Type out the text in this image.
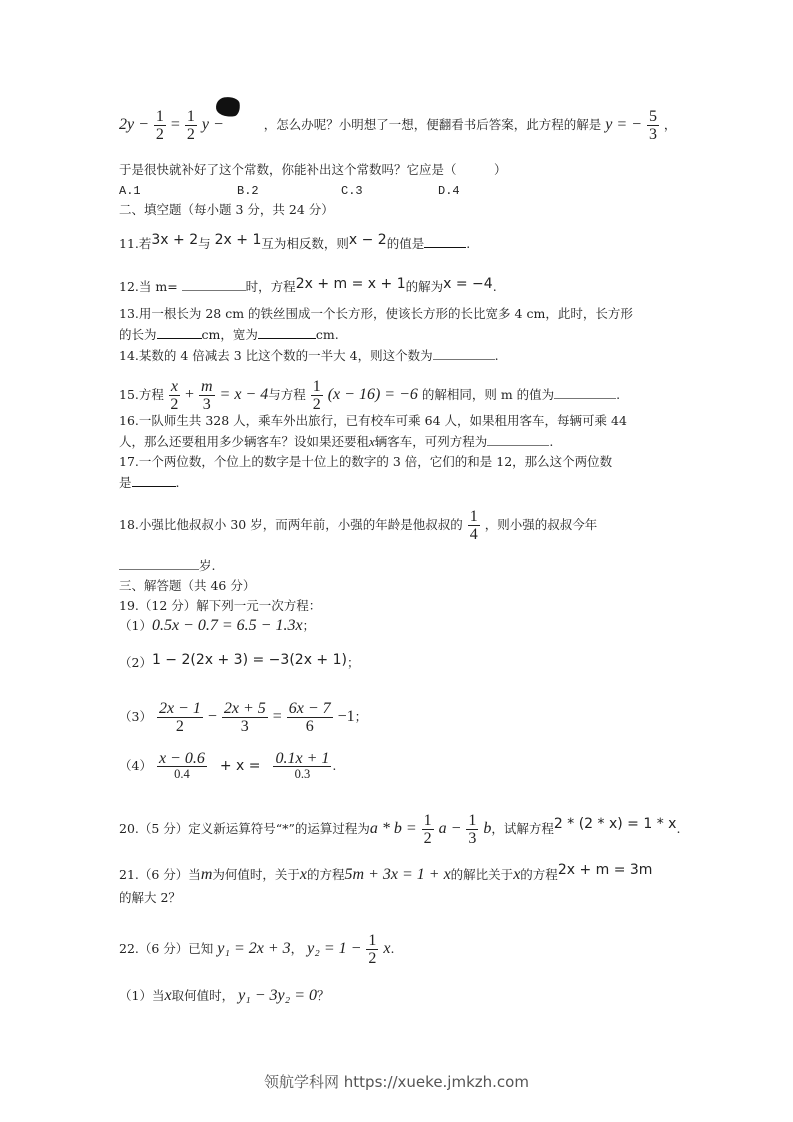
$2y - \frac{1}{2} = \frac{1}{2}$ y −	，怎么办呢？小明想了一想，便翻看书后答案，此方程的解是 y = − $\frac{5}{3}$ ，
于是很快就补好了这个常数，你能补出这个常数吗？它应是（　　　）
A.1	B.2	C.3	D.4
二、填空题（每小题 3 分，共 24 分）
11.若3x + 2与 2x + 1互为相反数，则x − 2的值是	.
12.当 m=	时，方程2x + m = x + 1的解为x = −4.
13.用一根长为 28 cm 的铁丝围成一个长方形，使该长方形的长比宽多 4 cm，此时，长方形
的长为	cm，宽为	cm.
14.某数的 4 倍减去 3 比这个数的一半大 4，则这个数为	.
15.方程 $\frac{x}{2} + \frac{m}{3} = x - 4$与方程 $\frac{1}{2} (x - 16) = -6$ 的解相同，则 m 的值为	.
16.一队师生共 328 人，乘车外出旅行，已有校车可乘 64 人，如果租用客车，每辆可乘 44
人，那么还要租用多少辆客车？设如果还要租x辆客车，可列方程为	.
17.一个两位数，个位上的数字是十位上的数字的 3 倍，它们的和是 12，那么这个两位数
是	.
18.小强比他叔叔小 30 岁，而两年前，小强的年龄是他叔叔的 $\frac{1}{4}$ ，则小强的叔叔今年
岁.
三、解答题（共 46 分）
19.（12 分）解下列一元一次方程：
（1）0.5x − 0.7 = 6.5 − 1.3x；
（2）1 − 2(2x + 3) = −3(2x + 1)；
$(3) \frac{2x - 1}{2} - \frac{2x + 5}{3} = \frac{6x - 7}{6} -1$；
$(4) \frac{x - 0.6}{0.4} + x = \frac{0.1x + 1}{0.3}$ .
20.（5 分）定义新运算符号“*”的运算过程为$a * b = \frac{1}{2}$ $a - \frac{1}{3}$ b，试解方程2 * (2 * x) = 1 * x.
21.（6 分）当m为何值时，关于x的方程5m + 3x = 1 + x的解比关于x的方程2x + m = 3m
的解大 2？
22.（6 分）已知 y₁ = 2x + 3， $y_2 = 1 - \frac{1}{2} x$.
（1）当x取何值时， y₁ − 3y₂ = 0？
领航学科网 https://xueke.jmkzh.com
